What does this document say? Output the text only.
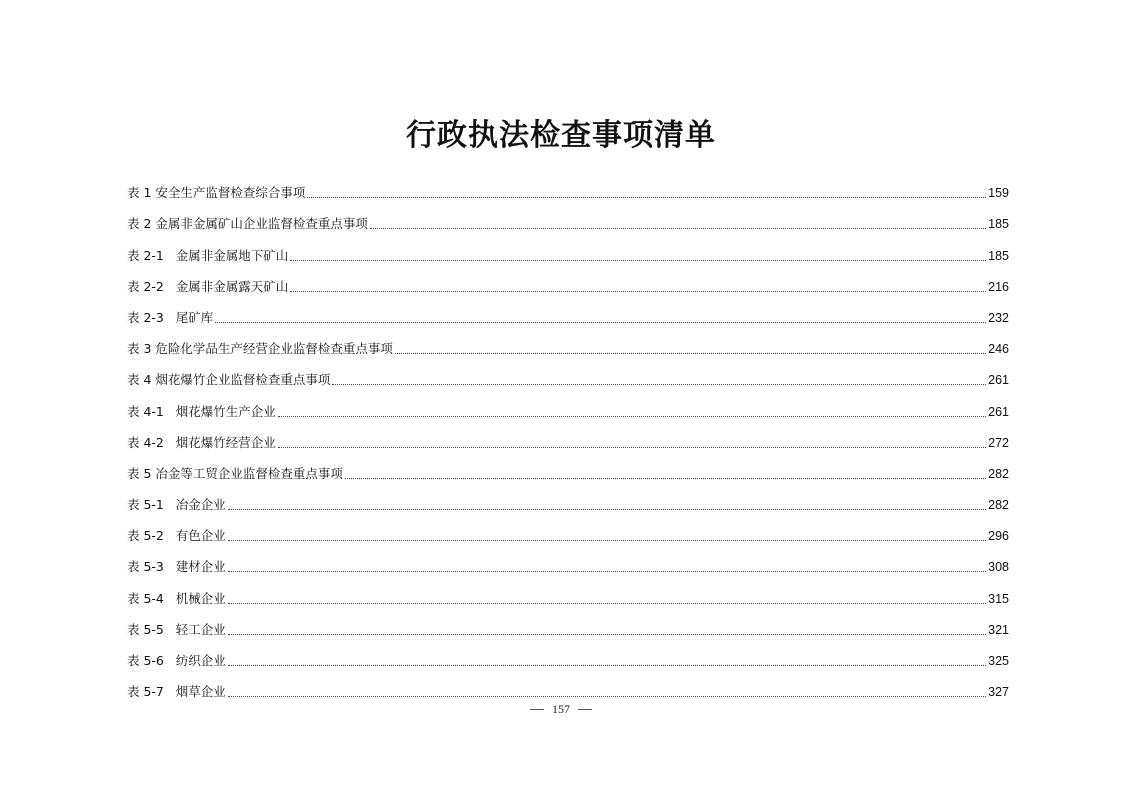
行政执法检查事项清单
表 1 安全生产监督检查综合事项	159
表 2 金属非金属矿山企业监督检查重点事项	185
表 2-1   金属非金属地下矿山	185
表 2-2   金属非金属露天矿山	216
表 2-3   尾矿库	232
表 3 危险化学品生产经营企业监督检查重点事项	246
表 4 烟花爆竹企业监督检查重点事项	261
表 4-1   烟花爆竹生产企业	261
表 4-2   烟花爆竹经营企业	272
表 5 冶金等工贸企业监督检查重点事项	282
表 5-1   冶金企业	282
表 5-2   有色企业	296
表 5-3   建材企业	308
表 5-4   机械企业	315
表 5-5   轻工企业	321
表 5-6   纺织企业	325
表 5-7   烟草企业	327
157
